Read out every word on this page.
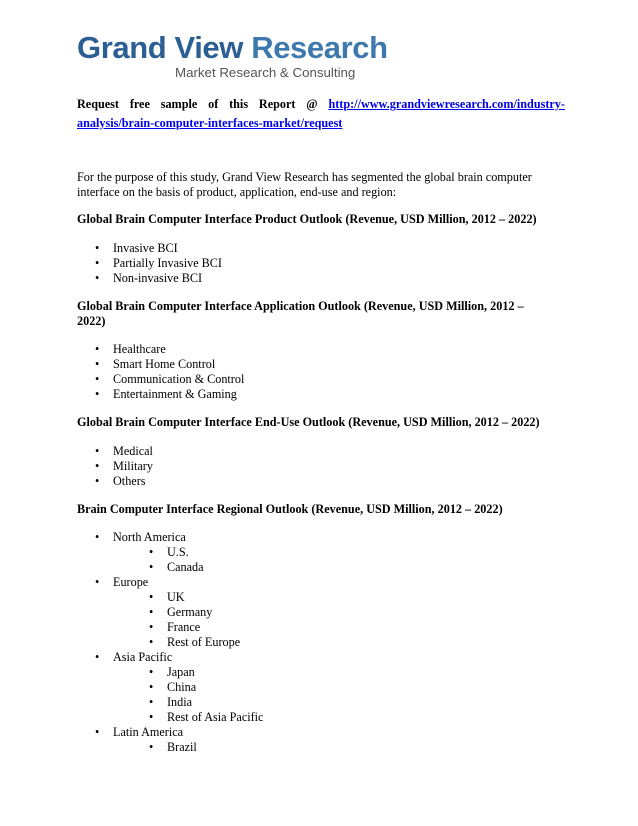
Grand View Research
Market Research & Consulting
Request free sample of this Report @ http://www.grandviewresearch.com/industry-
analysis/brain-computer-interfaces-market/request
For the purpose of this study, Grand View Research has segmented the global brain computer interface on the basis of product, application, end-use and region:
Global Brain Computer Interface Product Outlook (Revenue, USD Million, 2012 – 2022)
• Invasive BCI
• Partially Invasive BCI
• Non-invasive BCI
Global Brain Computer Interface Application Outlook (Revenue, USD Million, 2012 –
2022)
• Healthcare
• Smart Home Control
• Communication & Control
• Entertainment & Gaming
Global Brain Computer Interface End-Use Outlook (Revenue, USD Million, 2012 – 2022)
• Medical
• Military
• Others
Brain Computer Interface Regional Outlook (Revenue, USD Million, 2012 – 2022)
• North America
• U.S.
• Canada
• Europe
• UK
• Germany
• France
• Rest of Europe
• Asia Pacific
• Japan
• China
• India
• Rest of Asia Pacific
• Latin America
• Brazil
